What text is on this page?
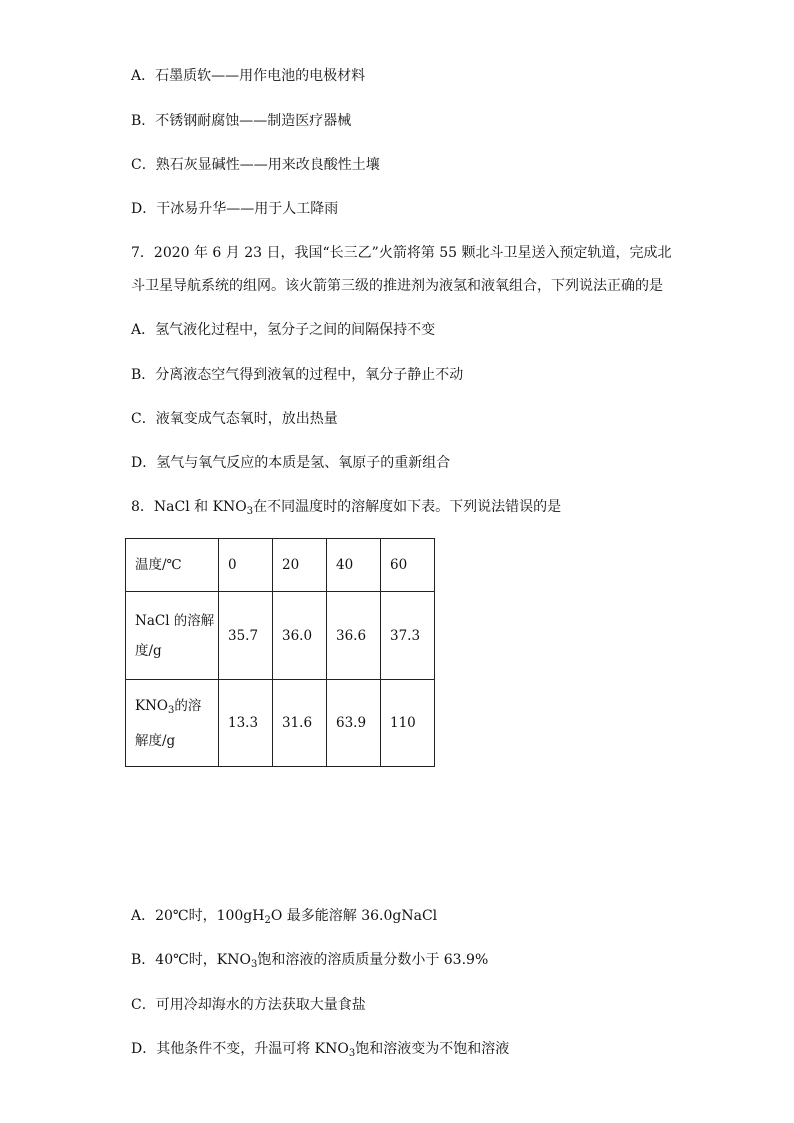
A．石墨质软——用作电池的电极材料
B．不锈钢耐腐蚀——制造医疗器械
C．熟石灰显碱性——用来改良酸性土壤
D．干冰易升华——用于人工降雨
7．2020 年 6 月 23 日，我国“长三乙”火箭将第 55 颗北斗卫星送入预定轨道，完成北
斗卫星导航系统的组网。该火箭第三级的推进剂为液氢和液氧组合，下列说法正确的是
A．氢气液化过程中，氢分子之间的间隔保持不变
B．分离液态空气得到液氧的过程中，氧分子静止不动
C．液氧变成气态氧时，放出热量
D．氢气与氧气反应的本质是氢、氧原子的重新组合
8．NaCl 和 $KNO_3$在不同温度时的溶解度如下表。下列说法错误的是
温度/℃	0	20	40	60

NaCl 的溶解
度/g	35.7	36.0	36.6	37.3

$KNO_3$的溶
解度/g	13.3	31.6	63.9	110
A．20℃时，$100gH_2O$ 最多能溶解 36.0gNaCl
B．40℃时，$KNO_3$饱和溶液的溶质质量分数小于 63.9%
C．可用冷却海水的方法获取大量食盐
D．其他条件不变，升温可将 $KNO_3$饱和溶液变为不饱和溶液
